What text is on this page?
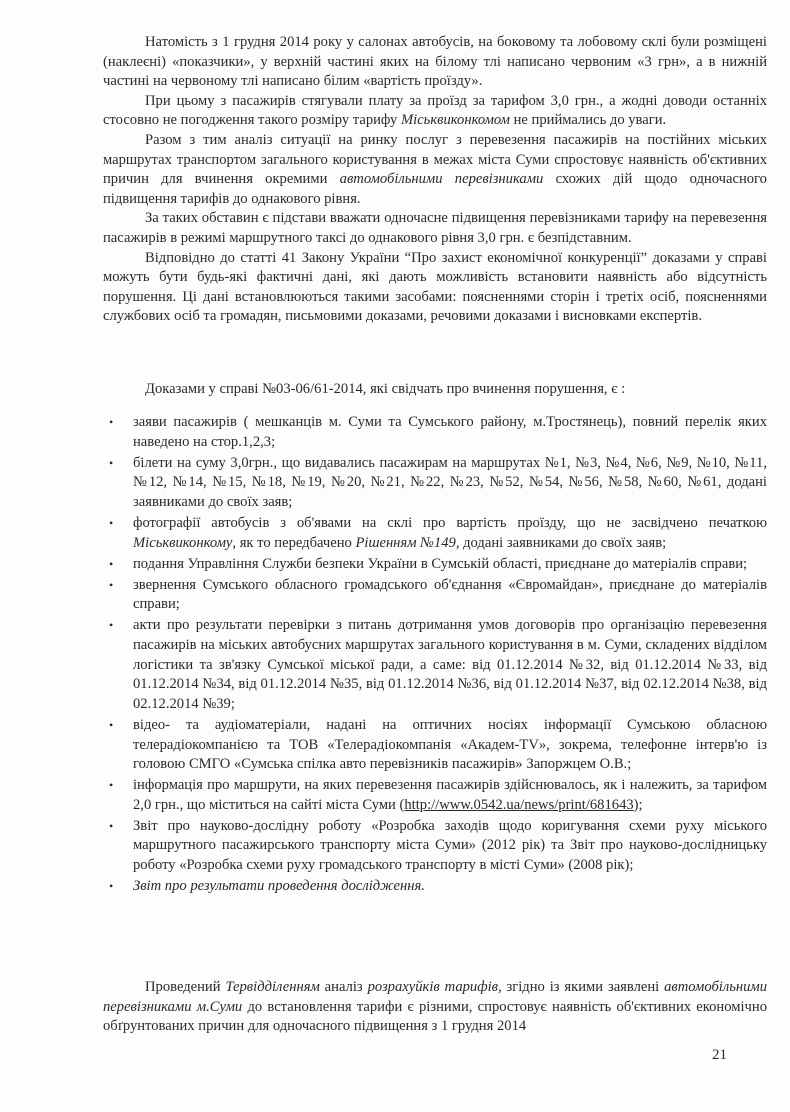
Натомість з 1 грудня 2014 року у салонах автобусів, на боковому та лобовому склі були розміщені (наклеєні) «показчики», у верхній частині яких на білому тлі написано червоним «3 грн», а в нижній частині на червоному тлі написано білим «вартість проїзду».

При цьому з пасажирів стягували плату за проїзд за тарифом 3,0 грн., а жодні доводи останніх стосовно не погодження такого розміру тарифу Міськвиконкомом не приймались до уваги.

Разом з тим аналіз ситуації на ринку послуг з перевезення пасажирів на постійних міських маршрутах транспортом загального користування в межах міста Суми спростовує наявність об'єктивних причин для вчинення окремими автомобільними перевізниками схожих дій щодо одночасного підвищення тарифів до однакового рівня.

За таких обставин є підстави вважати одночасне підвищення перевізниками тарифу на перевезення пасажирів в режимі маршрутного таксі до однакового рівня 3,0 грн. є безпідставним.

Відповідно до статті 41 Закону України “Про захист економічної конкуренції” доказами у справі можуть бути будь-які фактичні дані, які дають можливість встановити наявність або відсутність порушення. Ці дані встановлюються такими засобами: поясненнями сторін і третіх осіб, поясненнями службових осіб та громадян, письмовими доказами, речовими доказами і висновками експертів.

Доказами у справі №03-06/61-2014, які свідчать про вчинення порушення, є :

• заяви пасажирів ( мешканців м. Суми та Сумського району, м.Тростянець), повний перелік яких наведено на стор.1,2,3;
• білети на суму 3,0грн., що видавались пасажирам на маршрутах №1, №3, №4, №6, №9, №10, №11, №12, №14, №15, №18, №19, №20, №21, №22, №23, №52, №54, №56, №58, №60, №61, додані заявниками до своїх заяв;
• фотографії автобусів з об'явами на склі про вартість проїзду, що не засвідчено печаткою Міськвиконкому, як то передбачено Рішенням №149, додані заявниками до своїх заяв;
• подання Управління Служби безпеки України в Сумській області, приєднане до матеріалів справи;
• звернення Сумського обласного громадського об'єднання «Євромайдан», приєднане до матеріалів справи;
• акти про результати перевірки з питань дотримання умов договорів про організацію перевезення пасажирів на міських автобусних маршрутах загального користування в м. Суми, складених відділом логістики та зв'язку Сумської міської ради, а саме: від 01.12.2014 №32, від 01.12.2014 №33, від 01.12.2014 №34, від 01.12.2014 №35, від 01.12.2014 №36, від 01.12.2014 №37, від 02.12.2014 №38, від 02.12.2014 №39;
• відео- та аудіоматеріали, надані на оптичних носіях інформації Сумською обласною телерадіокомпанією та ТОВ «Телерадіокомпанія «Академ-TV», зокрема, телефонне інтерв'ю із головою СМГО «Сумська спілка авто перевізників пасажирів» Запоржцем О.В.;
• інформація про маршрути, на яких перевезення пасажирів здійснювалось, як і належить, за тарифом 2,0 грн., що міститься на сайті міста Суми (http://www.0542.ua/news/print/681643);
• Звіт про науково-дослідну роботу «Розробка заходів щодо коригування схеми руху міського маршрутного пасажирського транспорту міста Суми» (2012 рік) та Звіт про науково-дослідницьку роботу «Розробка схеми руху громадського транспорту в місті Суми» (2008 рік);
• Звіт про результати проведення дослідження.

Проведений Тервідділенням аналіз розрахуйків тарифів, згідно із якими заявлені автомобільними перевізниками м.Суми до встановлення тарифи є різними, спростовує наявність об'єктивних економічно обґрунтованих причин для одночасного підвищення з 1 грудня 2014

21
